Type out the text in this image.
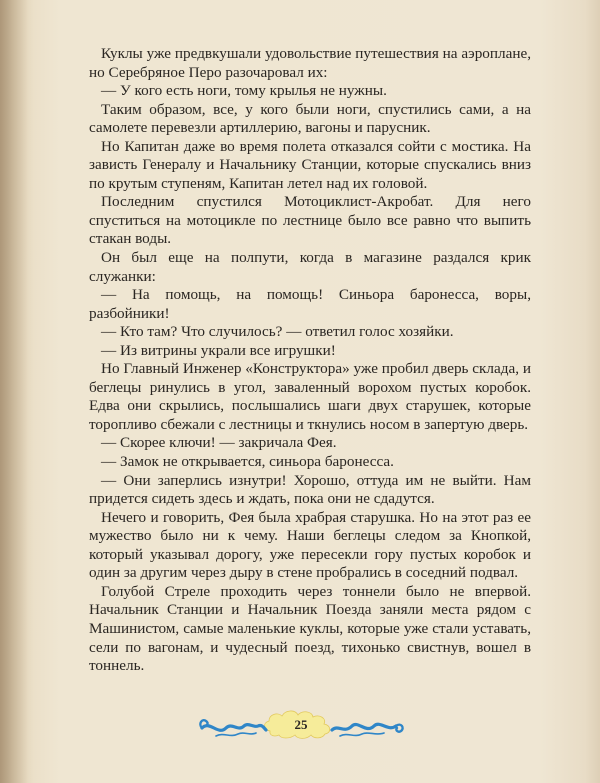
Куклы уже предвкушали удовольствие путешествия на аэроплане, но Серебряное Перо разочаровал их:

— У кого есть ноги, тому крылья не нужны.

Таким образом, все, у кого были ноги, спустились сами, а на самолете перевезли артиллерию, вагоны и парусник.

Но Капитан даже во время полета отказался сойти с мостика. На зависть Генералу и Начальнику Станции, которые спускались вниз по крутым ступеням, Капитан летел над их головой.

Последним спустился Мотоциклист-Акробат. Для него спуститься на мотоцикле по лестнице было все равно что выпить стакан воды.

Он был еще на полпути, когда в магазине раздался крик служанки:

— На помощь, на помощь! Синьора баронесса, воры, разбойники!

— Кто там? Что случилось? — ответил голос хозяйки.

— Из витрины украли все игрушки!

Но Главный Инженер «Конструктора» уже пробил дверь склада, и беглецы ринулись в угол, заваленный ворохом пустых коробок. Едва они скрылись, послышались шаги двух старушек, которые торопливо сбежали с лестницы и ткнулись носом в запертую дверь.

— Скорее ключи! — закричала Фея.

— Замок не открывается, синьора баронесса.

— Они заперлись изнутри! Хорошо, оттуда им не выйти. Нам придется сидеть здесь и ждать, пока они не сдадутся.

Нечего и говорить, Фея была храбрая старушка. Но на этот раз ее мужество было ни к чему. Наши беглецы следом за Кнопкой, который указывал дорогу, уже пересекли гору пустых коробок и один за другим через дыру в стене пробрались в соседний подвал.

Голубой Стреле проходить через тоннели было не впервой. Начальник Станции и Начальник Поезда заняли места рядом с Машинистом, самые маленькие куклы, которые уже стали уставать, сели по вагонам, и чудесный поезд, тихонько свистнув, вошел в тоннель.

25
